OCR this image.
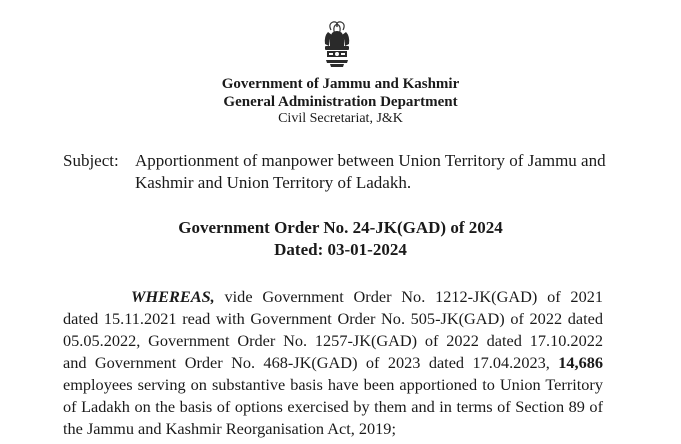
Government of Jammu and Kashmir
General Administration Department
Civil Secretariat, J&K
Subject: Apportionment of manpower between Union Territory of Jammu and
Kashmir and Union Territory of Ladakh.
Government Order No. 24-JK(GAD) of 2024
Dated: 03-01-2024
WHEREAS, vide Government Order No. 1212-JK(GAD) of 2021
dated 15.11.2021 read with Government Order No. 505-JK(GAD) of 2022 dated
05.05.2022, Government Order No. 1257-JK(GAD) of 2022 dated 17.10.2022
and Government Order No. 468-JK(GAD) of 2023 dated 17.04.2023, 14,686
employees serving on substantive basis have been apportioned to Union Territory
of Ladakh on the basis of options exercised by them and in terms of Section 89 of
the Jammu and Kashmir Reorganisation Act, 2019;
